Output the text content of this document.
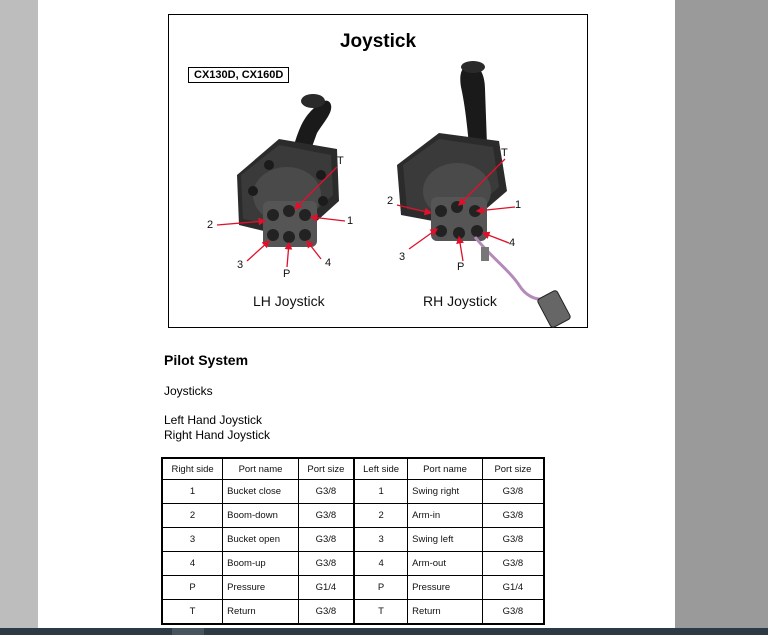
Joystick
CX130D, CX160D
T
1
2
3	4
P
T
1
2
3
4
P
LH Joystick	RH Joystick
Pilot System
Joysticks
Left Hand Joystick
Right Hand Joystick
Right side	Port name	Port size	Left side	Port name	Port size
1	Bucket close	G3/8	1	Swing right	G3/8
2	Boom-down	G3/8	2	Arm-in	G3/8
3	Bucket open	G3/8	3	Swing left	G3/8
4	Boom-up	G3/8	4	Arm-out	G3/8
P	Pressure	G1/4	P	Pressure	G1/4
T	Return	G3/8	T	Return	G3/8
